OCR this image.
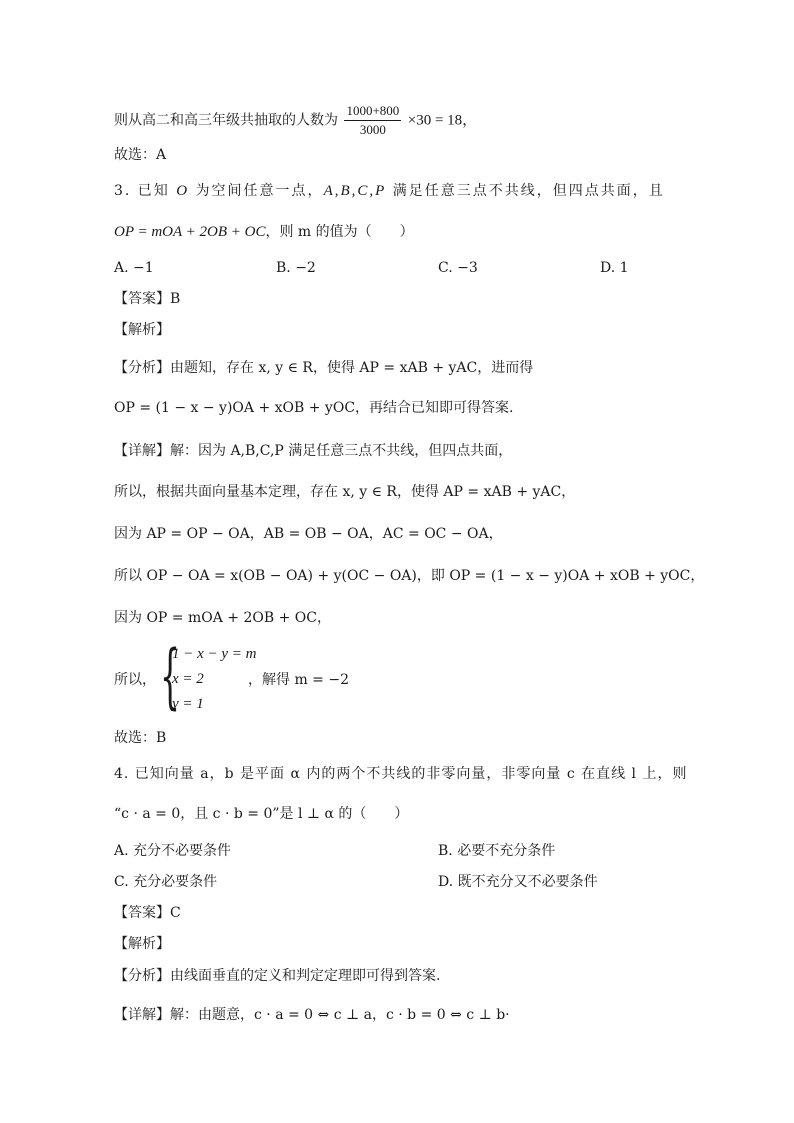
则从高二和高三年级共抽取的人数为 $\frac{1000+800}{3000} \times 30 = 18$，
故选：A
3. 已知 O 为空间任意一点，A,B,C,P 满足任意三点不共线，但四点共面，且
OP = mOA + 2OB + OC，则 m 的值为（　　）
A. −1	B. −2	C. −3	D. 1
【答案】B
【解析】
【分析】由题知，存在 x, y ∈ R，使得 AP = xAB + yAC，进而得
OP = (1 − x − y)OA + xOB + yOC，再结合已知即可得答案.
【详解】解：因为 A,B,C,P 满足任意三点不共线，但四点共面，
所以，根据共面向量基本定理，存在 x, y ∈ R，使得 AP = xAB + yAC，
因为 AP = OP − OA，AB = OB − OA，AC = OC − OA，
所以 OP − OA = x(OB − OA) + y(OC − OA)，即 OP = (1 − x − y)OA + xOB + yOC，
因为 OP = mOA + 2OB + OC，
所以， {
1 − x − y = m
x = 2
y = 1
，解得 m = −2
故选：B
4. 已知向量 a，b 是平面 α 内的两个不共线的非零向量，非零向量 c 在直线 l 上，则
“c · a = 0，且 c · b = 0”是 l ⊥ α 的（　　）
A. 充分不必要条件	B. 必要不充分条件
C. 充分必要条件	D. 既不充分又不必要条件
【答案】C
【解析】
【分析】由线面垂直的定义和判定定理即可得到答案.
【详解】解：由题意，c · a = 0 ⇔ c ⊥ a，c · b = 0 ⇔ c ⊥ b·
